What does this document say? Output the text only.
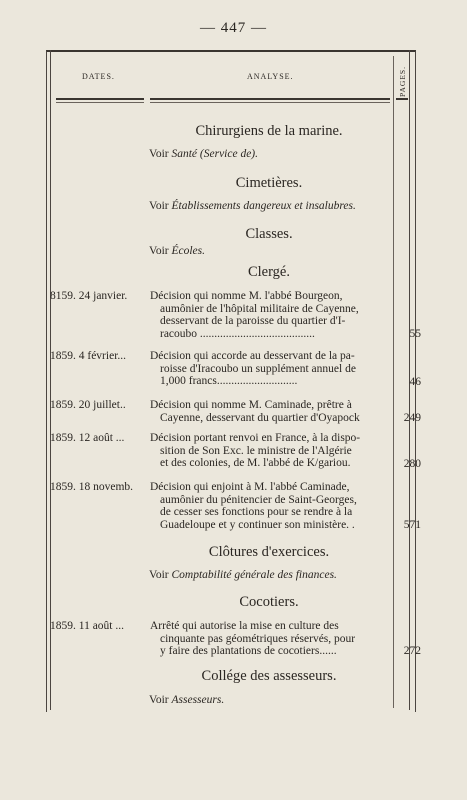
— 447 —
DATES.	ANALYSE.	PAGES.
Chirurgiens de la marine.
Voir Santé (Service de).
Cimetières.
Voir Établissements dangereux et insalubres.
Classes.
Voir Écoles.
Clergé.
8159. 24 janvier.	Décision qui nomme M. l'abbé Bourgeon,
aumônier de l'hôpital militaire de Cayenne,
desservant de la paroisse du quartier d'I-
racoubo ........................................	55
1859. 4 février...	Décision qui accorde au desservant de la pa-
roisse d'Iracoubo un supplément annuel de
1,000 francs............................	46
1859. 20 juillet..	Décision qui nomme M. Caminade, prêtre à
Cayenne, desservant du quartier d'Oyapock	249
1859. 12 août ...	Décision portant renvoi en France, à la dispo-
sition de Son Exc. le ministre de l'Algérie
et des colonies, de M. l'abbé de K/gariou.	280
1859. 18 novemb.	Décision qui enjoint à M. l'abbé Caminade,
aumônier du pénitencier de Saint-Georges,
de cesser ses fonctions pour se rendre à la
Guadeloupe et y continuer son ministère. .	571
Clôtures d'exercices.
Voir Comptabilité générale des finances.
Cocotiers.
1859. 11 août ...	Arrêté qui autorise la mise en culture des
cinquante pas géométriques réservés, pour
y faire des plantations de cocotiers......	272
Collége des assesseurs.
Voir Assesseurs.
